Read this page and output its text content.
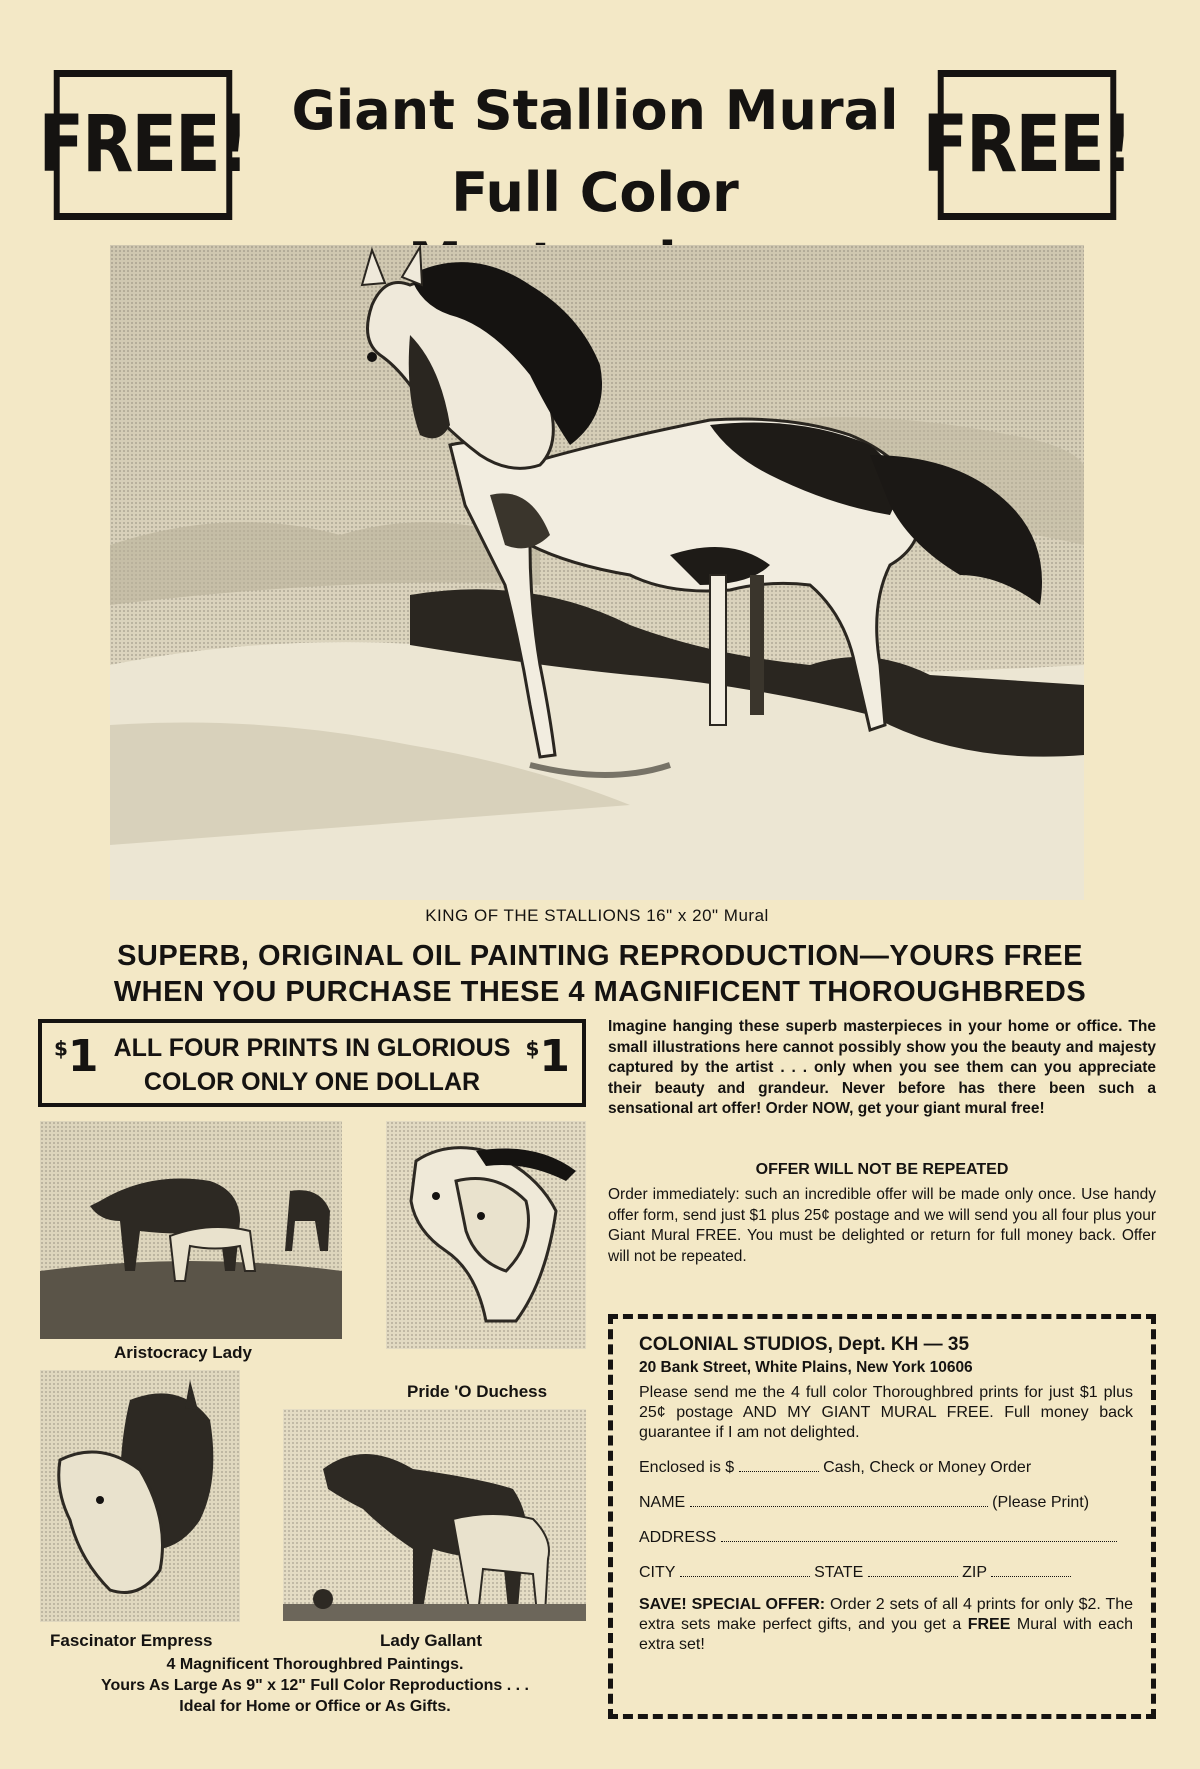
FREE!	FREE!
Giant Stallion Mural
Full Color
KING OF THE STALLIONS 16" x 20" Mural
SUPERB, ORIGINAL OIL PAINTING REPRODUCTION—YOURS FREE
WHEN YOU PURCHASE THESE 4 MAGNIFICENT THOROUGHBREDS
$1 ALL FOUR PRINTS IN GLORIOUS
COLOR ONLY ONE DOLLAR
$1
Aristocracy Lady
Pride 'O Duchess
Fascinator Empress	Lady Gallant
4 Magnificent Thoroughbred Paintings.
Yours As Large As 9" x 12" Full Color Reproductions . . .
Ideal for Home or Office or As Gifts.
Imagine hanging these superb masterpieces in your home or office. The small illustrations here cannot possibly show you the beauty and majesty captured by the artist . . . only when you see them can you appreciate their beauty and grandeur. Never before has there been such a sensational art offer! Order NOW, get your giant mural free!
OFFER WILL NOT BE REPEATED
Order immediately: such an incredible offer will be made only once. Use handy offer form, send just $1 plus 25¢ postage and we will send you all four plus your Giant Mural FREE. You must be delighted or return for full money back. Offer will not be repeated.
COLONIAL STUDIOS, Dept. KH — 35
20 Bank Street, White Plains, New York 10606
Please send me the 4 full color Thoroughbred prints for just $1 plus 25¢ postage AND MY GIANT MURAL FREE. Full money back guarantee if I am not delighted.
Enclosed is $	Cash, Check or Money Order
NAME	(Please Print)
ADDRESS
CITY	STATE	ZIP
SAVE! SPECIAL OFFER: Order 2 sets of all 4 prints for only $2. The extra sets make perfect gifts, and you get a FREE Mural with each extra set!
